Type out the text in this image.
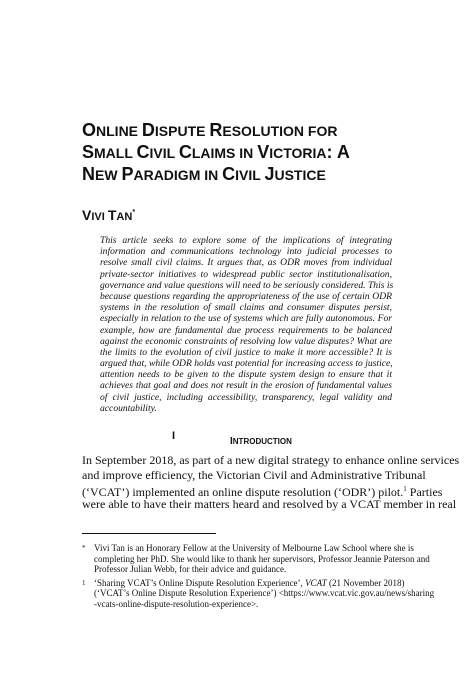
ONLINE DISPUTE RESOLUTION FOR
SMALL CIVIL CLAIMS IN VICTORIA: A
NEW PARADIGM IN CIVIL JUSTICE
VIVI TAN*
This article seeks to explore some of the implications of integrating
information and communications technology into judicial processes to
resolve small civil claims. It argues that, as ODR moves from individual
private-sector initiatives to widespread public sector institutionalisation,
governance and value questions will need to be seriously considered. This is
because questions regarding the appropriateness of the use of certain ODR
systems in the resolution of small claims and consumer disputes persist,
especially in relation to the use of systems which are fully autonomous. For
example, how are fundamental due process requirements to be balanced
against the economic constraints of resolving low value disputes? What are
the limits to the evolution of civil justice to make it more accessible? It is
argued that, while ODR holds vast potential for increasing access to justice,
attention needs to be given to the dispute system design to ensure that it
achieves that goal and does not result in the erosion of fundamental values
of civil justice, including accessibility, transparency, legal validity and
accountability.
I	INTRODUCTION
In September 2018, as part of a new digital strategy to enhance online services
and improve efficiency, the Victorian Civil and Administrative Tribunal
(‘VCAT’) implemented an online dispute resolution (‘ODR’) pilot.$^1$ Parties
were able to have their matters heard and resolved by a VCAT member in real
* Vivi Tan is an Honorary Fellow at the University of Melbourne Law School where she is
completing her PhD. She would like to thank her supervisors, Professor Jeannie Paterson and
Professor Julian Webb, for their advice and guidance.
1 ‘Sharing VCAT’s Online Dispute Resolution Experience’, VCAT (21 November 2018)
(‘VCAT’s Online Dispute Resolution Experience’) <https://www.vcat.vic.gov.au/news/sharing
-vcats-online-dispute-resolution-experience>.
